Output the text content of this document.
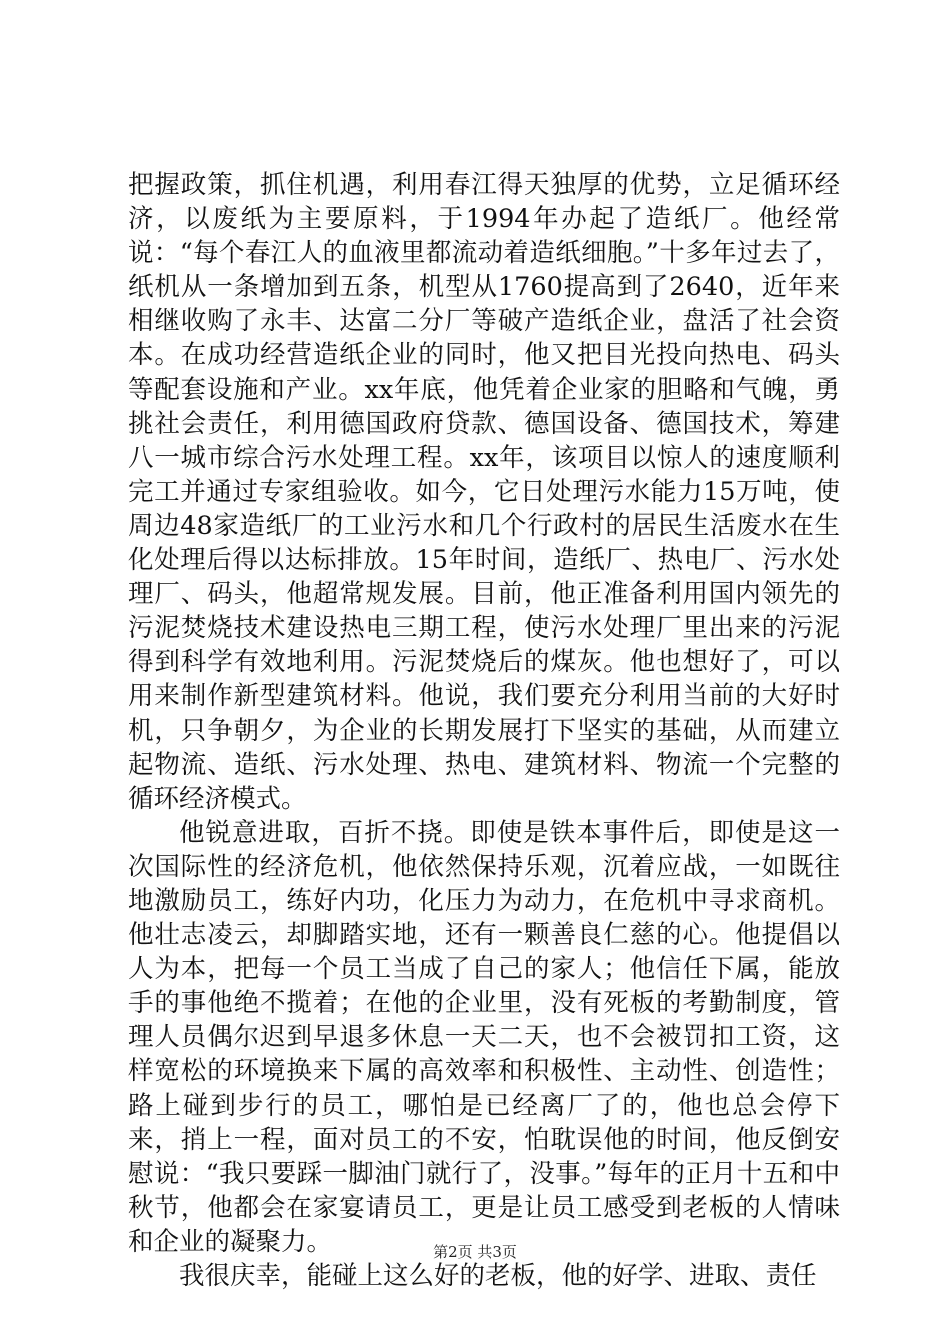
把握政策，抓住机遇，利用春江得天独厚的优势，立足循环经济，以废纸为主要原料，于1994年办起了造纸厂。他经常说：“每个春江人的血液里都流动着造纸细胞。”十多年过去了，纸机从一条增加到五条，机型从1760提高到了2640，近年来相继收购了永丰、达富二分厂等破产造纸企业，盘活了社会资本。在成功经营造纸企业的同时，他又把目光投向热电、码头等配套设施和产业。xx年底，他凭着企业家的胆略和气魄，勇挑社会责任，利用德国政府贷款、德国设备、德国技术，筹建八一城市综合污水处理工程。xx年，该项目以惊人的速度顺利完工并通过专家组验收。如今，它日处理污水能力15万吨，使周边48家造纸厂的工业污水和几个行政村的居民生活废水在生化处理后得以达标排放。15年时间，造纸厂、热电厂、污水处理厂、码头，他超常规发展。目前，他正准备利用国内领先的污泥焚烧技术建设热电三期工程，使污水处理厂里出来的污泥得到科学有效地利用。污泥焚烧后的煤灰。他也想好了，可以用来制作新型建筑材料。他说，我们要充分利用当前的大好时机，只争朝夕，为企业的长期发展打下坚实的基础，从而建立起物流、造纸、污水处理、热电、建筑材料、物流一个完整的循环经济模式。

他锐意进取，百折不挠。即使是铁本事件后，即使是这一次国际性的经济危机，他依然保持乐观，沉着应战，一如既往地激励员工，练好内功，化压力为动力，在危机中寻求商机。他壮志凌云，却脚踏实地，还有一颗善良仁慈的心。他提倡以人为本，把每一个员工当成了自己的家人；他信任下属，能放手的事他绝不揽着；在他的企业里，没有死板的考勤制度，管理人员偶尔迟到早退多休息一天二天，也不会被罚扣工资，这样宽松的环境换来下属的高效率和积极性、主动性、创造性；路上碰到步行的员工，哪怕是已经离厂了的，他也总会停下来，捎上一程，面对员工的不安，怕耽误他的时间，他反倒安慰说：“我只要踩一脚油门就行了，没事。”每年的正月十五和中秋节，他都会在家宴请员工，更是让员工感受到老板的人情味和企业的凝聚力。

我很庆幸，能碰上这么好的老板，他的好学、进取、责任

第2页 共3页
